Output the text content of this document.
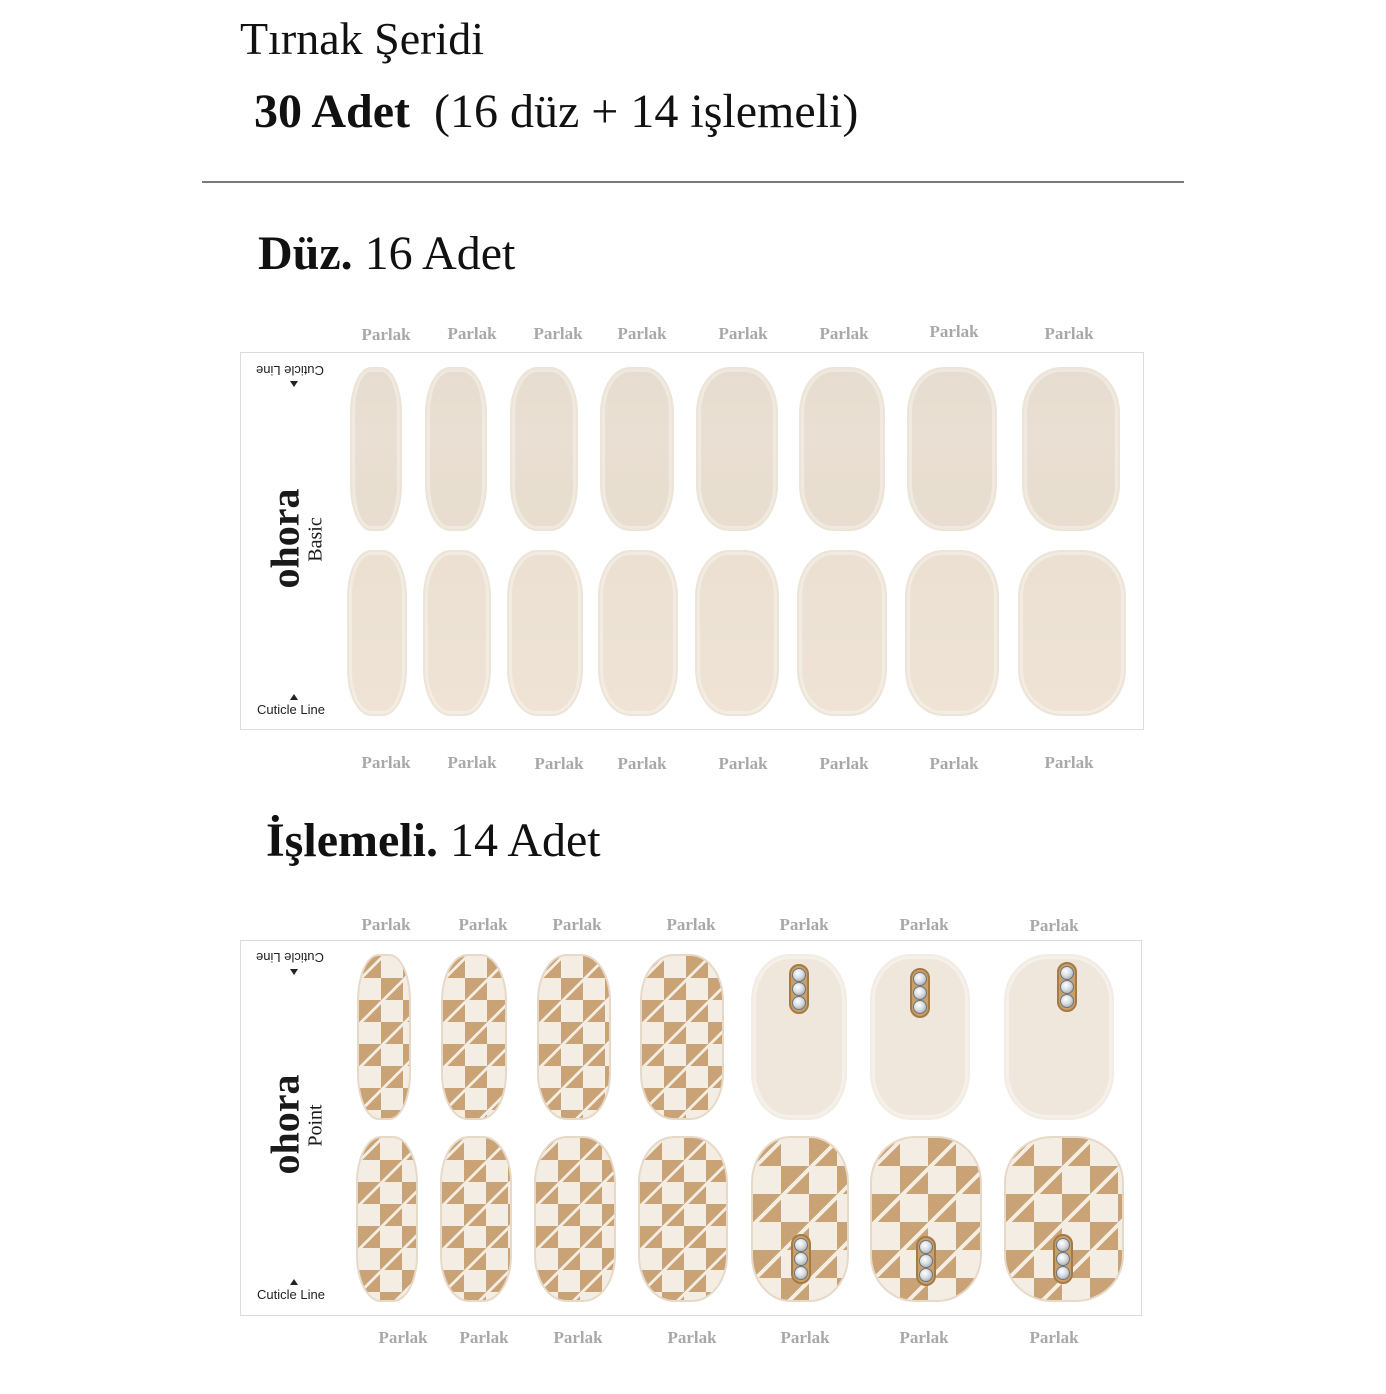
Tırnak Şeridi
30 Adet (16 düz + 14 işlemeli)
Düz. 16 Adet
Parlak Parlak Parlak Parlak	Parlak	Parlak	Parlak	Parlak
Cuticle Line
ohora
Basic
Cuticle Line
Parlak Parlak Parlak Parlak	Parlak	Parlak	Parlak	Parlak
İşlemeli. 14 Adet
Parlak	Parlak	Parlak	Parlak	Parlak	Parlak	Parlak
Cuticle Line
ohora
Point
Cuticle Line
Parlak Parlak	Parlak	Parlak	Parlak	Parlak	Parlak
